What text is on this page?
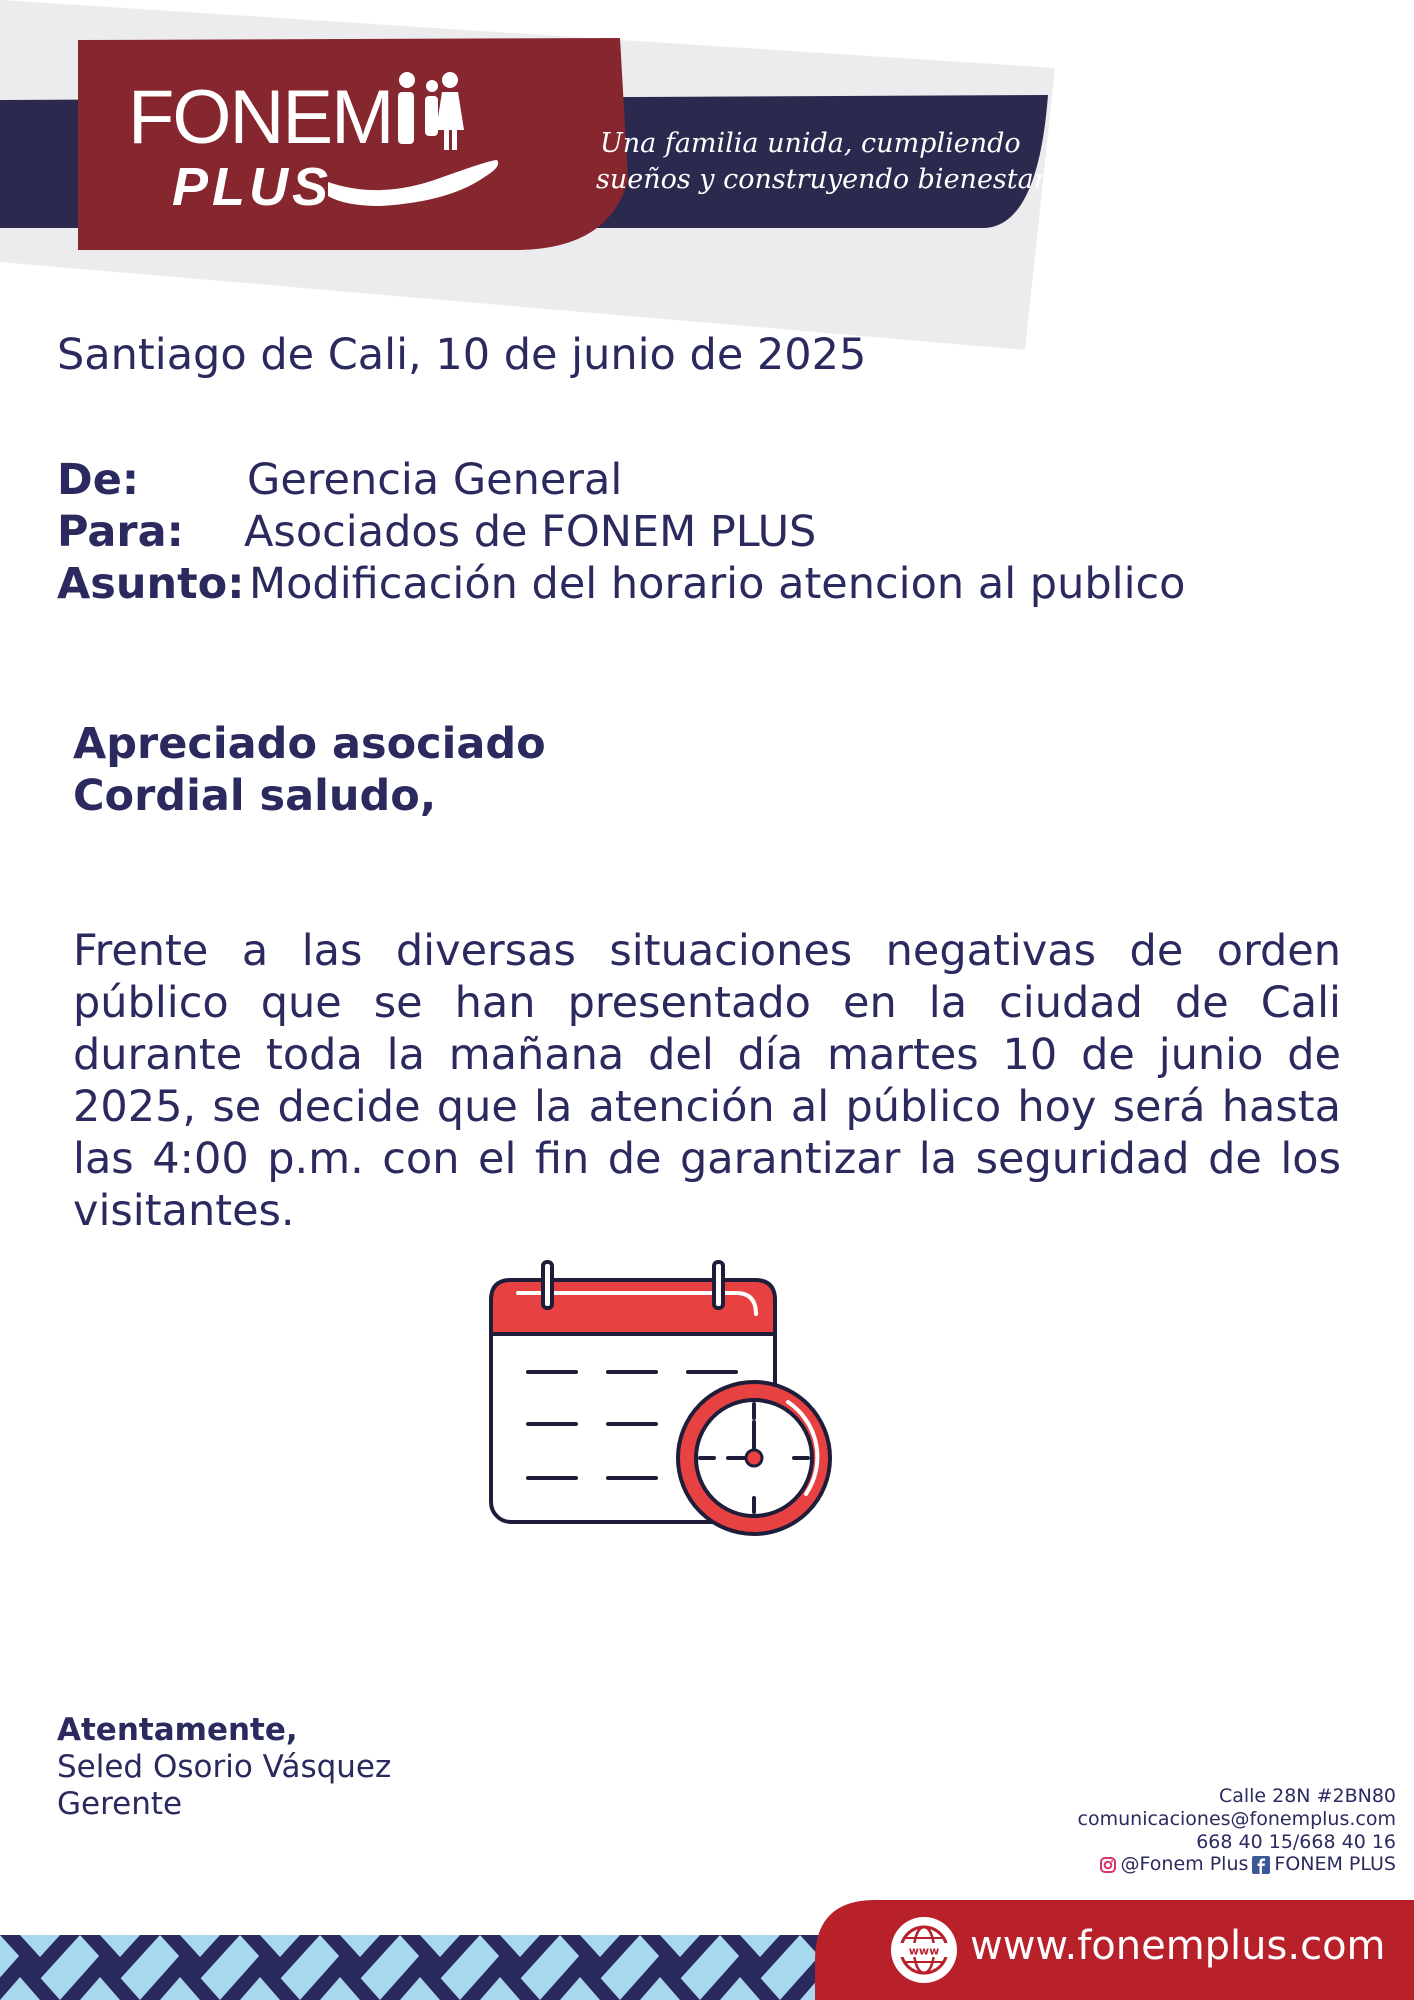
FONEM
PLUS
Una familia unida, cumpliendo
sueños y construyendo bienestar
Santiago de Cali, 10 de junio de 2025
De:	Gerencia General
Para: Asociados de FONEM PLUS
Asunto: Modificación del horario atencion al publico
Apreciado asociado
Cordial saludo,
Frente a las diversas situaciones negativas de orden público que se han presentado en la ciudad de Cali durante toda la mañana del día martes 10 de junio de 2025, se decide que la atención al público hoy será hasta las 4:00 p.m. con el fin de garantizar la seguridad de los visitantes.
Atentamente,
Seled Osorio Vásquez
Gerente	Calle 28N #2BN80
comunicaciones@fonemplus.com
668 40 15/668 40 16
@Fonem Plus FONEM PLUS
www www.fonemplus.com
